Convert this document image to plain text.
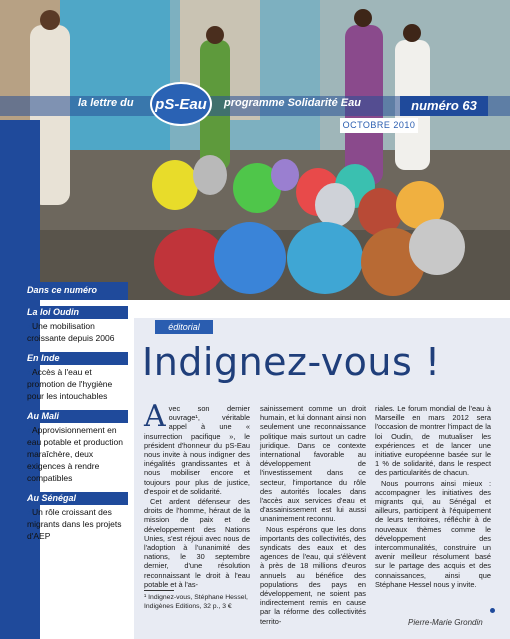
la lettre du pS-Eau programme Solidarité Eau	numéro 63
OCTOBRE 2010
Dans ce numéro
La loi Oudin
▪ Une mobilisation croissante depuis 2006
En Inde
▪ Accès à l'eau et promotion de l'hygiène pour les intouchables
Au Mali
▪ Approvisionnement en eau potable et production maraîchère, deux exigences à rendre compatibles
Au Sénégal
▪ Un rôle croissant des migrants dans les projets d'AEP
éditorial
Indignez-vous !

Avec son dernier ouvrage¹, véritable appel à une « insurrection pacifique », le président d'honneur du pS-Eau nous invite à nous indigner des inégalités grandissantes et à nous mobiliser encore et toujours pour plus de justice, d'espoir et de solidarité.

Cet ardent défenseur des droits de l'homme, héraut de la mission de paix et de développement des Nations Unies, s'est réjoui avec nous de l'adoption à l'unanimité des nations, le 30 septembre dernier, d'une résolution reconnaissant le droit à l'eau potable et à l'as-

sainissement comme un droit humain, et lui donnant ainsi non seulement une reconnaissance politique mais surtout un cadre juridique. Dans ce contexte international favorable au développement de l'investissement dans ce secteur, l'importance du rôle des autorités locales dans l'accès aux services d'eau et d'assainissement est lui aussi unanimement reconnu.

Nous espérons que les dons importants des collectivités, des syndicats des eaux et des agences de l'eau, qui s'élèvent à près de 18 millions d'euros annuels au bénéfice des populations des pays en développement, ne soient pas indirectement remis en cause par la réforme des collectivités territo-

riales. Le forum mondial de l'eau à Marseille en mars 2012 sera l'occasion de montrer l'impact de la loi Oudin, de mutualiser les expériences et de lancer une initiative européenne basée sur le 1 % de solidarité, dans le respect des particularités de chacun.

Nous pourrons ainsi mieux : accompagner les initiatives des migrants qui, au Sénégal et ailleurs, participent à l'équipement de leurs territoires, réfléchir à de nouveaux thèmes comme le développement des intercommunalités, construire un avenir meilleur résolument basé sur le partage des acquis et des connaissances, ainsi que Stéphane Hessel nous y invite.

¹ Indignez-vous, Stéphane Hessel, Indigènes Editions, 32 p., 3 €
Pierre-Marie Grondin
